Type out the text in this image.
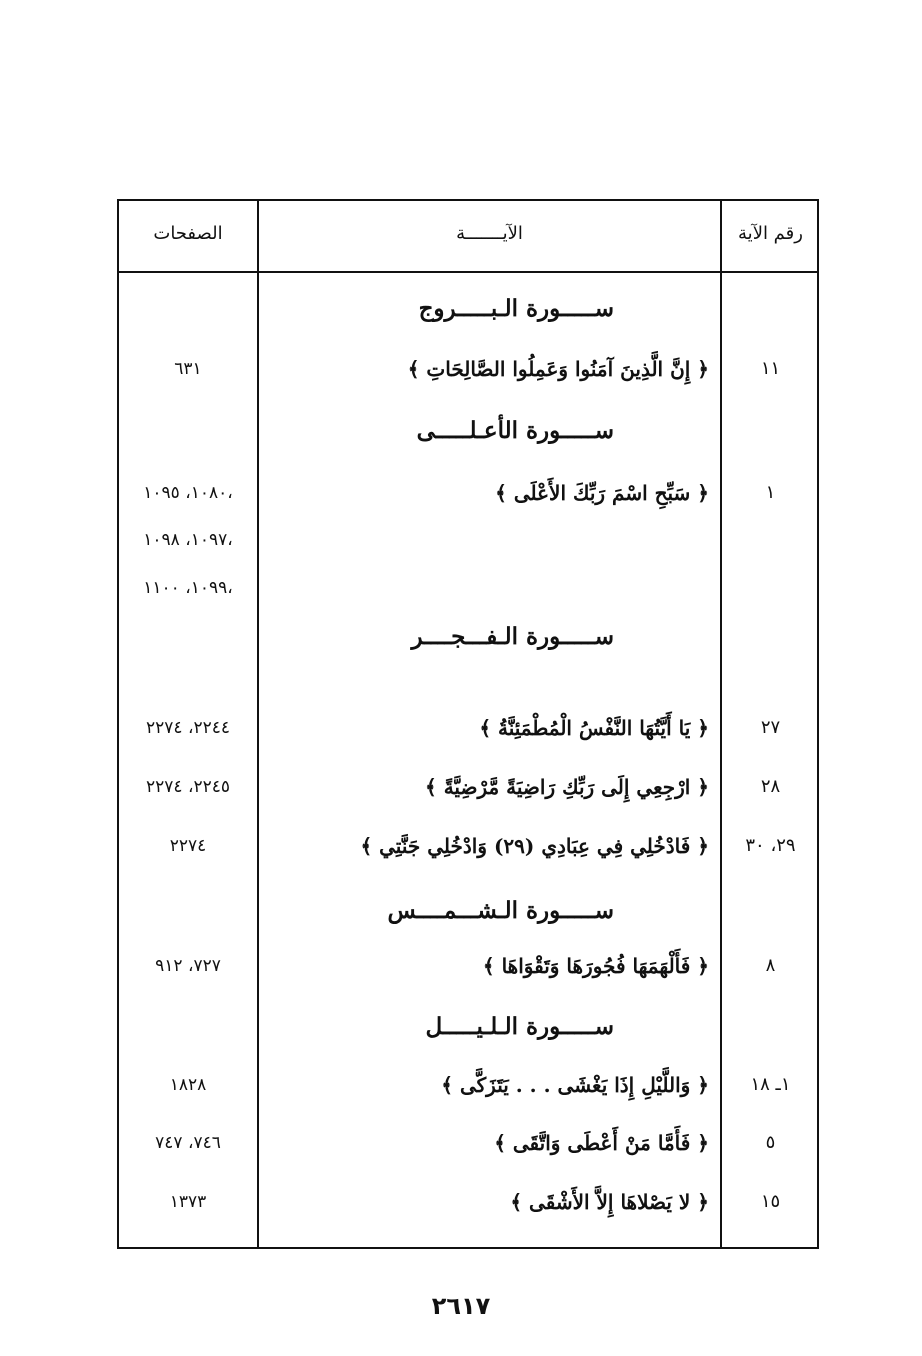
الصفحات	الآيـــــــة	رقم الآية
ســـــورة الـبـــــروج
١١
﴿ إِنَّ الَّذِينَ آمَنُوا وَعَمِلُوا الصَّالِحَاتِ ﴾
٦٣١
ســـــورة الأعـلـــــى
١
﴿ سَبِّحِ اسْمَ رَبِّكَ الأَعْلَى ﴾
،١٠٨٠، ١٠٩٥
،١٠٩٧، ١٠٩٨
،١٠٩٩، ١١٠٠
ســـــورة الـفـــجــــر
٢٧
﴿ يَا أَيَّتُهَا النَّفْسُ الْمُطْمَئِنَّةُ ﴾
٢٢٤٤، ٢٢٧٤
٢٨
﴿ ارْجِعِي إِلَى رَبِّكِ رَاضِيَةً مَّرْضِيَّةً ﴾
٢٢٤٥، ٢٢٧٤
٢٩، ٣٠
﴿ فَادْخُلِي فِي عِبَادِي (٢٩) وَادْخُلِي جَنَّتِي ﴾
٢٢٧٤
ســـــورة الـشـــمــــس
٨
﴿ فَأَلْهَمَهَا فُجُورَهَا وَتَقْوَاهَا ﴾
٧٢٧، ٩١٢
ســـــورة الـلـيـــــل
١ـ ١٨
﴿ وَاللَّيْلِ إِذَا يَغْشَى . . . يَتَزَكَّى ﴾
١٨٢٨
٥
﴿ فَأَمَّا مَنْ أَعْطَى وَاتَّقَى ﴾
٧٤٦، ٧٤٧
١٥
﴿ لا يَصْلاهَا إِلاَّ الأَشْقَى ﴾
١٣٧٣
٢٦١٧
